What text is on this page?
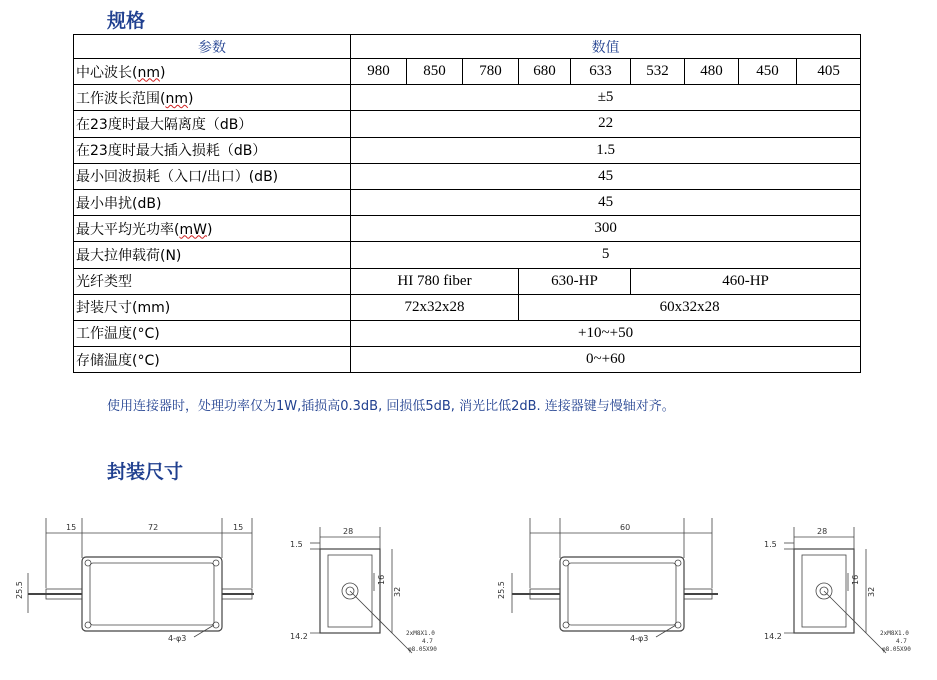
规格
参数	数值								
中心波长(nm)	980	850	780	680	633	532	480	450	405
工作波长范围(nm)	±5								
在23度时最大隔离度（dB）	22								
在23度时最大插入损耗（dB）	1.5								
最小回波损耗（入口/出口）(dB)	45								
最小串扰(dB)	45								
最大平均光功率(mW)	300								
最大拉伸载荷(N)	5								
光纤类型	HI 780 fiber			630-HP		460-HP			
封装尺寸(mm)	72x32x28			60x32x28					
工作温度(°C)	+10~+50								
存储温度(°C)	0~+60								
使用连接器时，处理功率仅为1W,插损高0.3dB, 回损低5dB, 消光比低2dB. 连接器键与慢轴对齐。
封装尺寸
15	72	15
25.5
4-φ3
28
32
16
1.5
14.2	2xM8X1.0
4.7
φ8.05X90
60
25.5
4-φ3
28
32
16
1.5
14.2	2xM8X1.0
4.7
φ8.05X90
